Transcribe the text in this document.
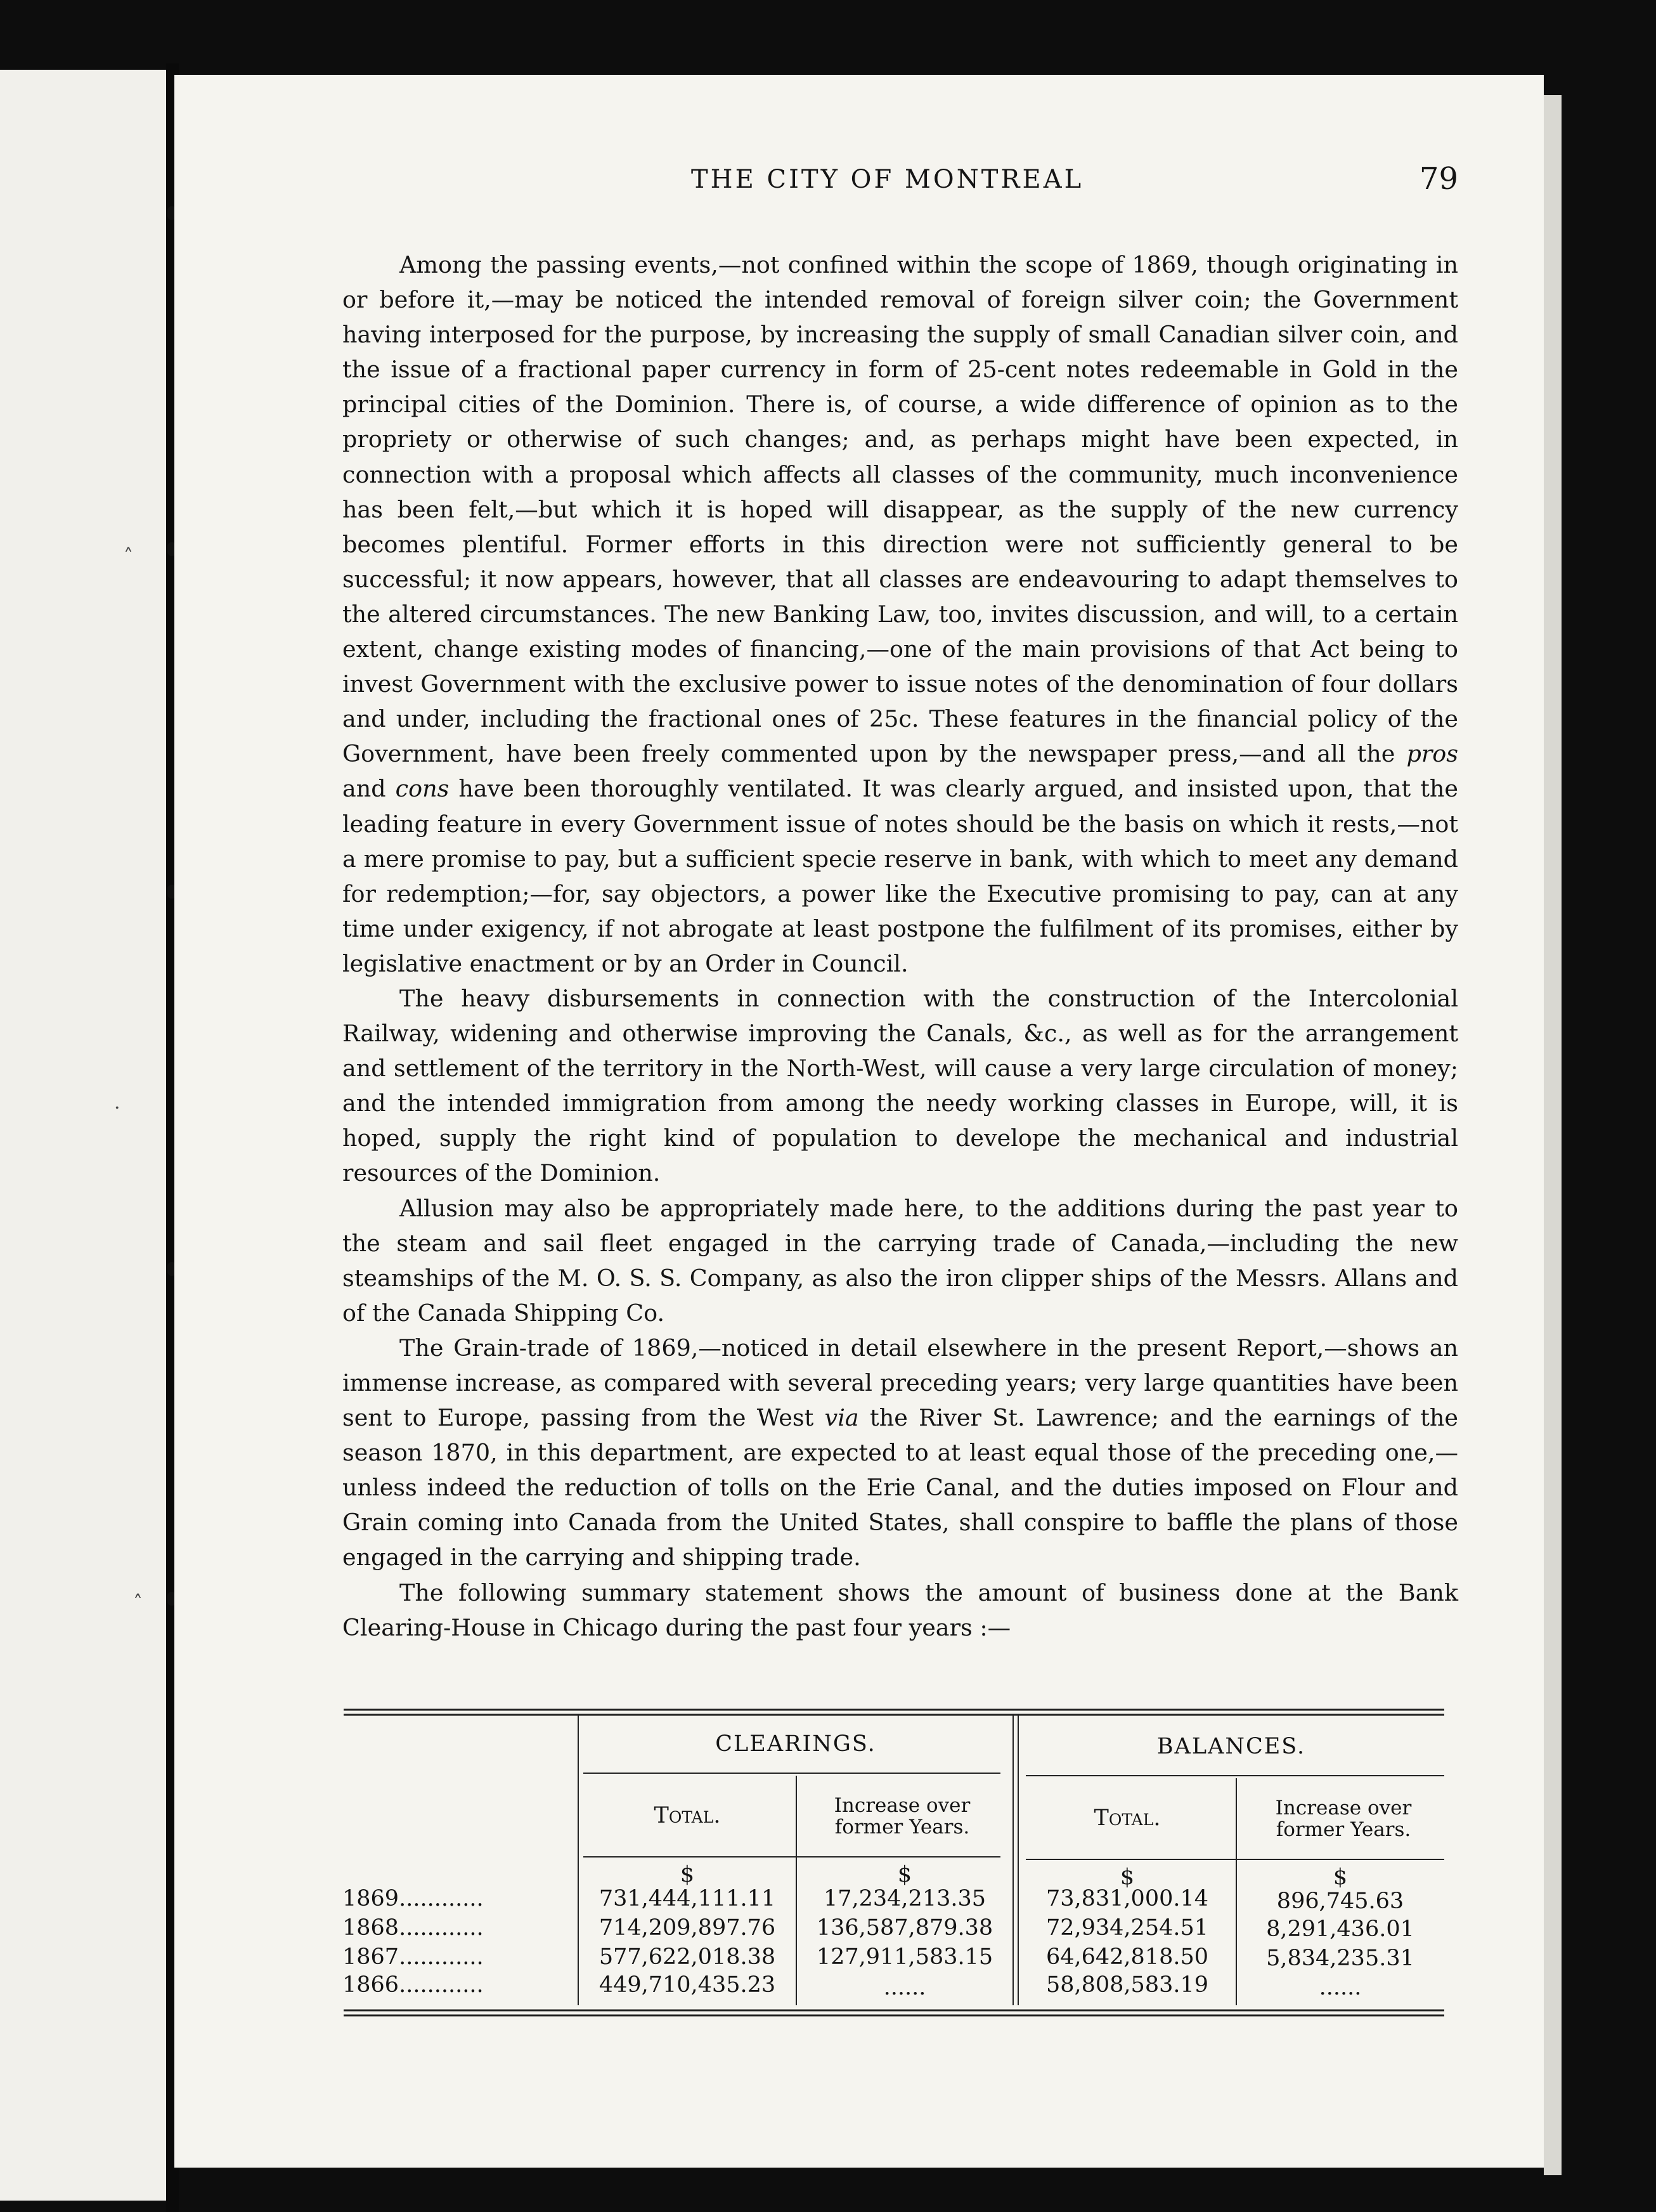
˄
·
˄
THE CITY OF MONTREAL	79

Among the passing events,—not confined within the scope of 1869, though originating in or before it,—may be noticed the intended removal of foreign silver coin; the Government having interposed for the purpose, by increasing the supply of small Canadian silver coin, and the issue of a fractional paper currency in form of 25-cent notes redeemable in Gold in the principal cities of the Dominion. There is, of course, a wide difference of opinion as to the propriety or otherwise of such changes; and, as perhaps might have been expected, in connection with a proposal which affects all classes of the community, much inconvenience has been felt,—but which it is hoped will disappear, as the supply of the new currency becomes plentiful. Former efforts in this direction were not sufficiently general to be successful; it now appears, however, that all classes are endeavouring to adapt themselves to the altered circumstances. The new Banking Law, too, invites discussion, and will, to a certain extent, change existing modes of financing,—one of the main provisions of that Act being to invest Government with the exclusive power to issue notes of the denomination of four dollars and under, including the fractional ones of 25c. These features in the financial policy of the Government, have been freely commented upon by the newspaper press,—and all the pros and cons have been thoroughly ventilated. It was clearly argued, and insisted upon, that the leading feature in every Government issue of notes should be the basis on which it rests,—not a mere promise to pay, but a sufficient specie reserve in bank, with which to meet any demand for redemption;—for, say objectors, a power like the Executive promising to pay, can at any time under exigency, if not abrogate at least postpone the fulfilment of its promises, either by legislative enactment or by an Order in Council.

The heavy disbursements in connection with the construction of the Intercolonial Railway, widening and otherwise improving the Canals, &c., as well as for the arrangement and settlement of the territory in the North-West, will cause a very large circulation of money; and the intended immigration from among the needy working classes in Europe, will, it is hoped, supply the right kind of population to develope the mechanical and industrial resources of the Dominion.

Allusion may also be appropriately made here, to the additions during the past year to the steam and sail fleet engaged in the carrying trade of Canada,—including the new steamships of the M. O. S. S. Company, as also the iron clipper ships of the Messrs. Allans and of the Canada Shipping Co.

The Grain-trade of 1869,—noticed in detail elsewhere in the present Report,—shows an immense increase, as compared with several preceding years; very large quantities have been sent to Europe, passing from the West via the River St. Lawrence; and the earnings of the season 1870, in this department, are expected to at least equal those of the preceding one,—unless indeed the reduction of tolls on the Erie Canal, and the duties imposed on Flour and Grain coming into Canada from the United States, shall conspire to baffle the plans of those engaged in the carrying and shipping trade.

The following summary statement shows the amount of business done at the Bank Clearing-House in Chicago during the past four years :—

CLEARINGS.	BALANCES.
Total.	Increase over former Years.	Total.	Increase over former Years.
$	$	$	$
1869............	731,444,111.11	17,234,213.35	73,831,000.14	896,745.63
1868............	714,209,897.76	136,587,879.38	72,934,254.51	8,291,436.01
1867............	577,622,018.38	127,911,583.15	64,642,818.50	5,834,235.31
1866............	449,710,435.23	......	58,808,583.19	......
